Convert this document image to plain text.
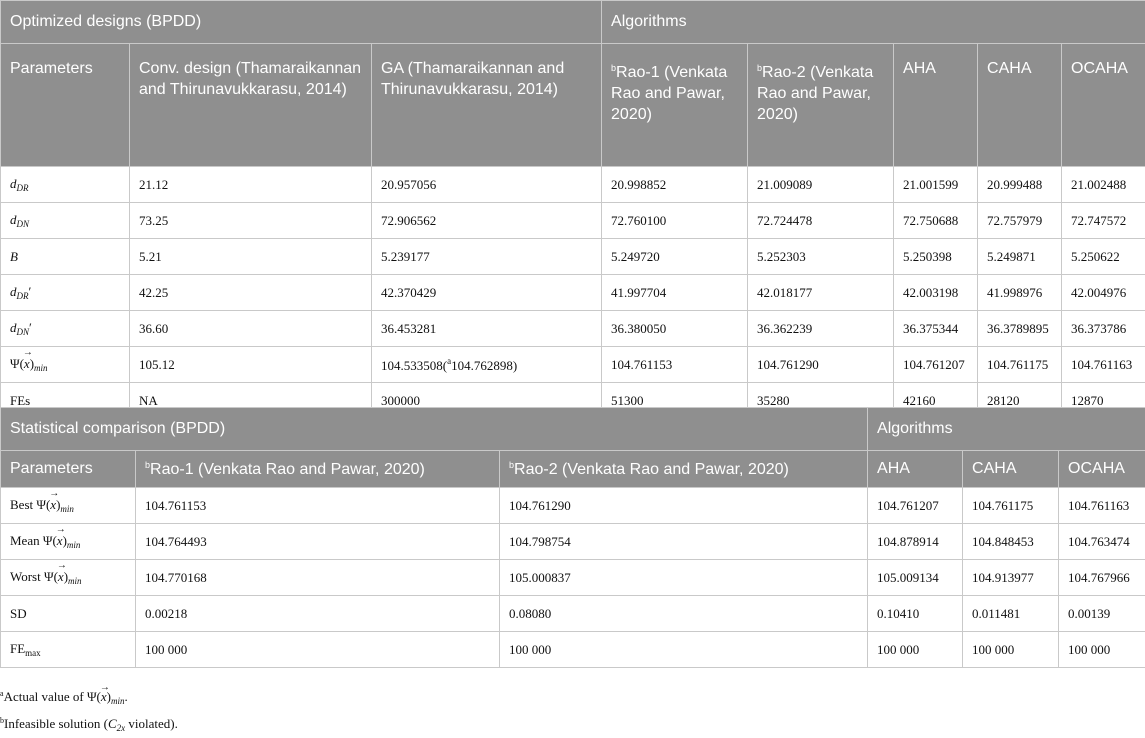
Optimized designs (BPDD)			Algorithms				
Parameters	Conv. design (Thamaraikannan and Thirunavukkarasu, 2014)	GA (Thamaraikannan and Thirunavukkarasu, 2014)	$^b$Rao-1 (Venkata Rao and Pawar, 2020)	$^b$Rao-2 (Venkata Rao and Pawar, 2020)	AHA	CAHA	OCAHA
$d_{DR}$	21.12	20.957056	20.998852	21.009089	21.001599	20.999488	21.002488
$d_{DN}$	73.25	72.906562	72.760100	72.724478	72.750688	72.757979	72.747572
B	5.21	5.239177	5.249720	5.252303	5.250398	5.249871	5.250622
$d_{DR}'$	42.25	42.370429	41.997704	42.018177	42.003198	41.998976	42.004976
$d_{DN}'$	36.60	36.453281	36.380050	36.362239	36.375344	36.3789895	36.373786
$\Psi(\to x)_{min}$	105.12	104.533508($^a$104.762898)	104.761153	104.761290	104.761207	104.761175	104.761163
FEs	NA	300000	51300	35280	42160	28120	12870
Statistical comparison (BPDD)			Algorithms		
Parameters	$^b$Rao-1 (Venkata Rao and Pawar, 2020)	$^b$Rao-2 (Venkata Rao and Pawar, 2020)	AHA	CAHA	OCAHA
Best $\Psi(\to x)_{min}$	104.761153	104.761290	104.761207	104.761175	104.761163
Mean $\Psi(\to x)_{min}$	104.764493	104.798754	104.878914	104.848453	104.763474
Worst $\Psi(\to x)_{min}$	104.770168	105.000837	105.009134	104.913977	104.767966
SD	0.00218	0.08080	0.10410	0.011481	0.00139
$FE_{max}$	100 000	100 000	100 000	100 000	100 000
$^a$Actual value of $\Psi(\to x)_{min}$.
$^b$Infeasible solution ($C_{2x}$ violated).
